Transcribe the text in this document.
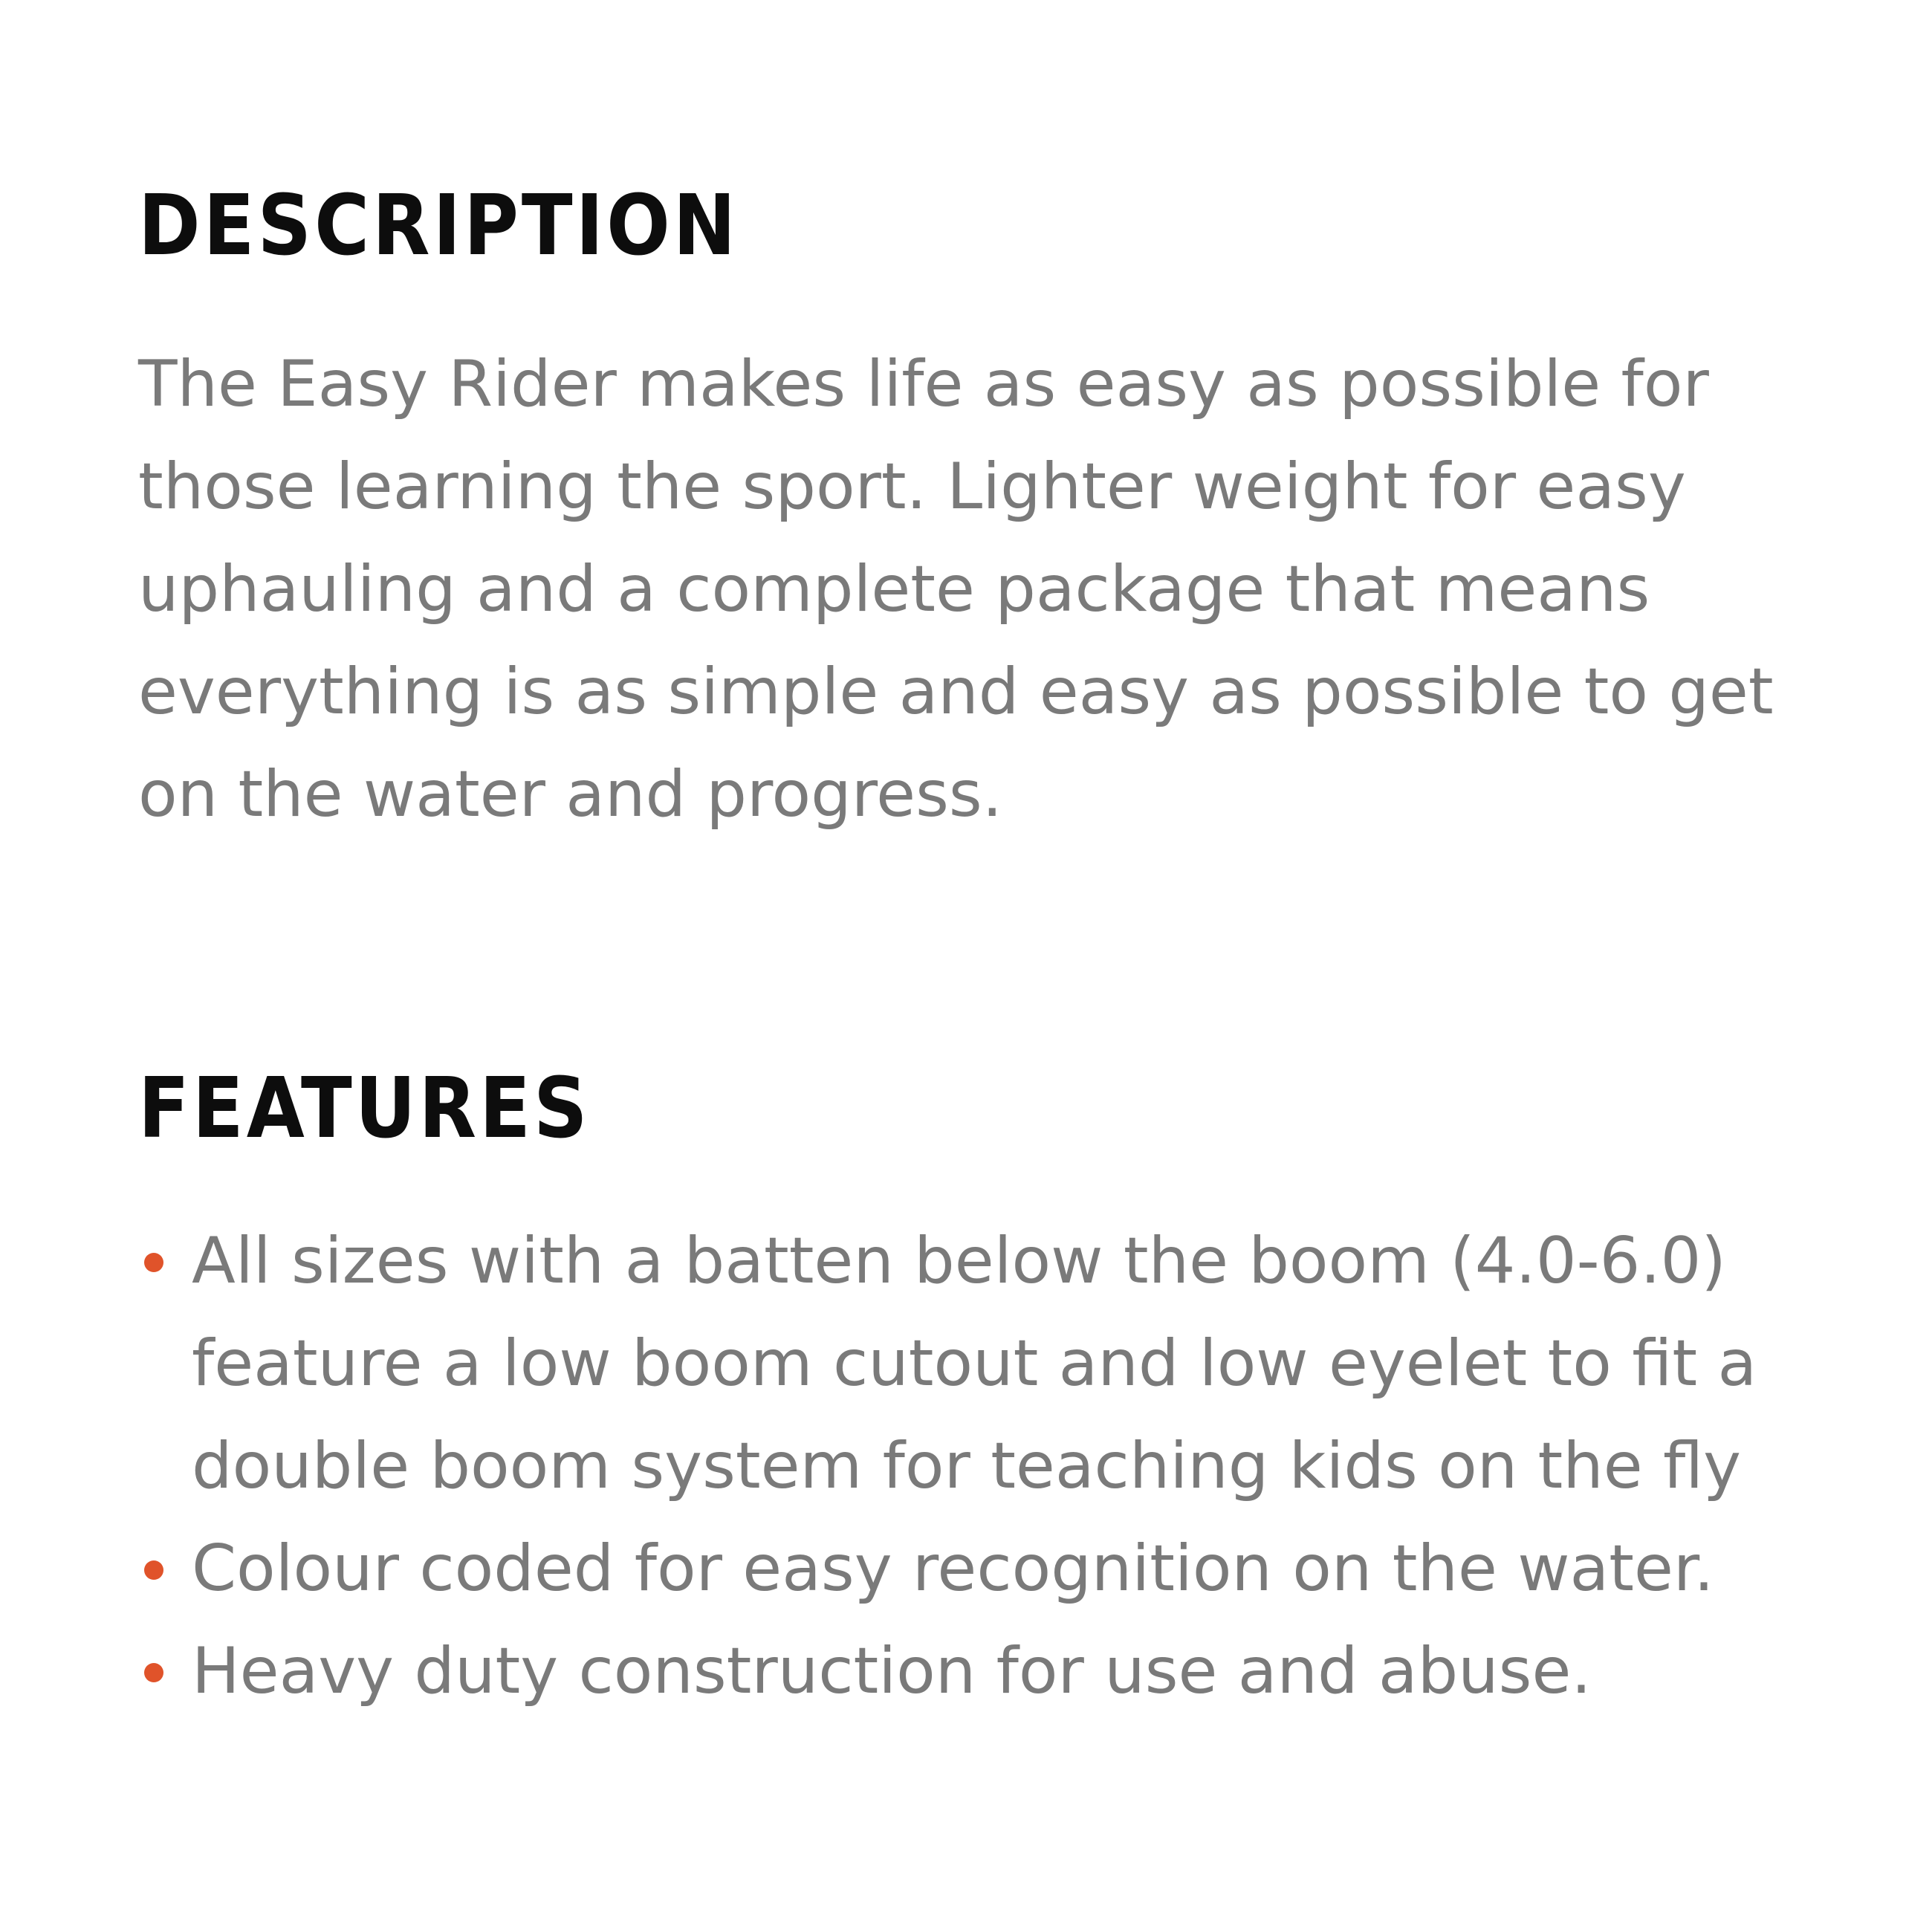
DESCRIPTION

The Easy Rider makes life as easy as possible for those learning the sport. Lighter weight for easy uphauling and a complete package that means everything is as simple and easy as possible to get on the water and progress.

FEATURES
All sizes with a batten below the boom (4.0-6.0) feature a low boom cutout and low eyelet to fit a double boom system for teaching kids on the fly
Colour coded for easy recognition on the water.
Heavy duty construction for use and abuse.
